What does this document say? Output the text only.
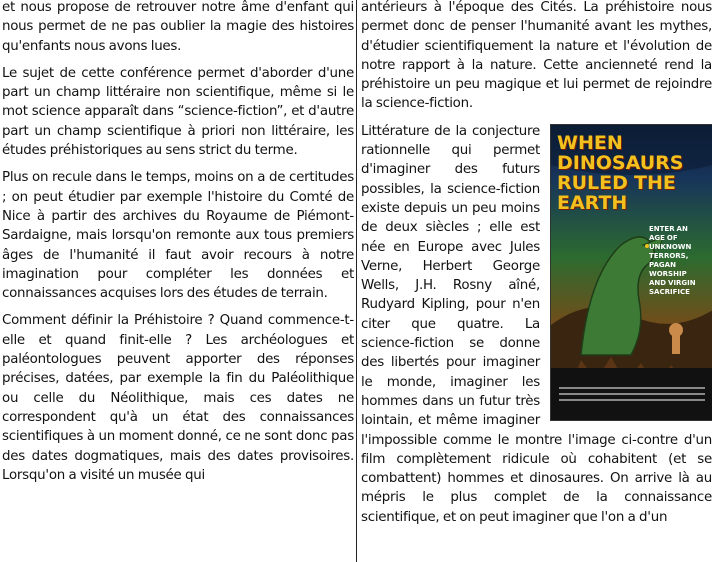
et nous propose de retrouver notre âme d'enfant qui nous permet de ne pas oublier la magie des histoires qu'enfants nous avons lues.

Le sujet de cette conférence permet d'aborder d'une part un champ littéraire non scientifique, même si le mot science apparaît dans “science-fiction”, et d'autre part un champ scientifique à priori non littéraire, les études préhistoriques au sens strict du terme.

Plus on recule dans le temps, moins on a de certitudes ; on peut étudier par exemple l'histoire du Comté de Nice à partir des archives du Royaume de Piémont-Sardaigne, mais lorsqu'on remonte aux tous premiers âges de l'humanité il faut avoir recours à notre imagination pour compléter les données et connaissances acquises lors des études de terrain.

Comment définir la Préhistoire ? Quand commence-t-elle et quand finit-elle ? Les archéologues et paléontologues peuvent apporter des réponses précises, datées, par exemple la fin du Paléolithique ou celle du Néolithique, mais ces dates ne correspondent qu'à un état des connaissances scientifiques à un moment donné, ce ne sont donc pas des dates dogmatiques, mais des dates provisoires. Lorsqu'on a visité un musée qui

antérieurs à l'époque des Cités. La préhistoire nous permet donc de penser l'humanité avant les mythes, d'étudier scientifiquement la nature et l'évolution de notre rapport à la nature. Cette ancienneté rend la préhistoire un peu magique et lui permet de rejoindre la science-fiction.

WHEN DINOSAURS
RULED THE EARTH
ENTER AN AGE OF UNKNOWN TERRORS, PAGAN WORSHIP AND VIRGIN SACRIFICE

Littérature de la conjecture rationnelle qui permet d'imaginer des futurs possibles, la science-fiction existe depuis un peu moins de deux siècles ; elle est née en Europe avec Jules Verne, Herbert George Wells, J.H. Rosny aîné, Rudyard Kipling, pour n'en citer que quatre. La science-fiction se donne des libertés pour imaginer le monde, imaginer les hommes dans un futur très lointain, et même imaginer l'impossible comme le montre l'image ci-contre d'un film complètement ridicule où cohabitent (et se combattent) hommes et dinosaures. On arrive là au mépris le plus complet de la connaissance scientifique, et on peut imaginer que l'on a d'un
